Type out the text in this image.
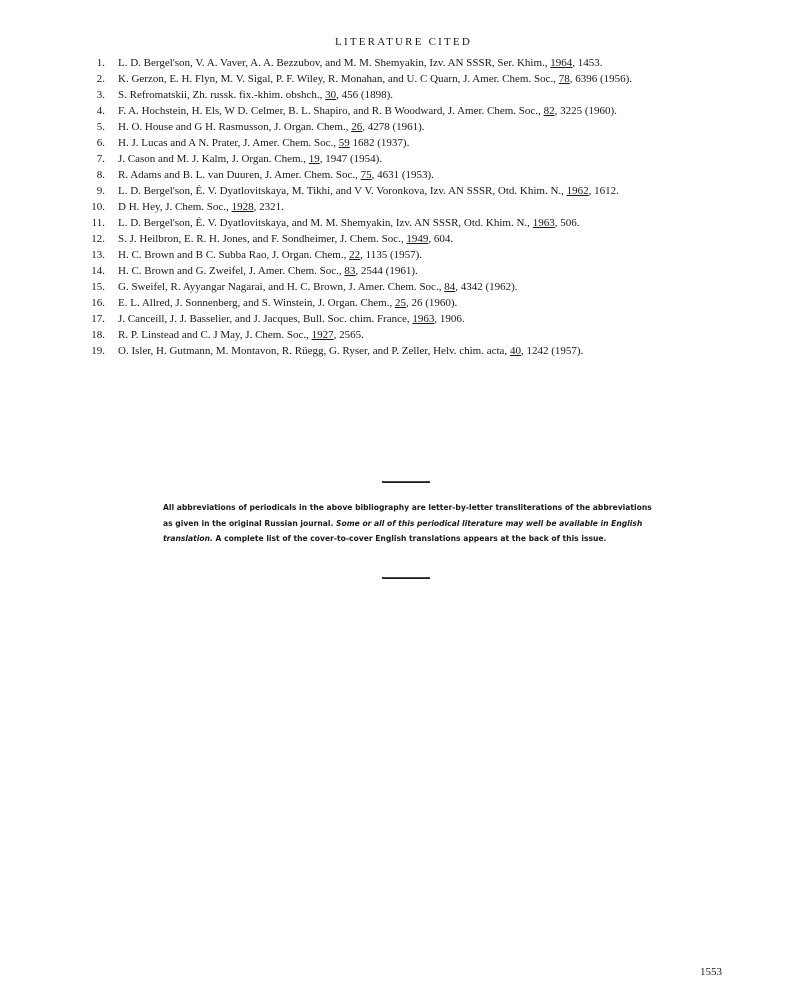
LITERATURE CITED
1. L. D. Bergel'son, V. A. Vaver, A. A. Bezzubov, and M. M. Shemyakin, Izv. AN SSSR, Ser. Khim., 1964, 1453.
2. K. Gerzon, E. H. Flyn, M. V. Sigal, P. F. Wiley, R. Monahan, and U. C Quarn, J. Amer. Chem. Soc., 78, 6396 (1956).
3. S. Refromatskii, Zh. russk. fix.-khim. obshch., 30, 456 (1898).
4. F. A. Hochstein, H. Els, W D. Celmer, B. L. Shapiro, and R. B Woodward, J. Amer. Chem. Soc., 82, 3225 (1960).
5. H. O. House and G H. Rasmusson, J. Organ. Chem., 26, 4278 (1961).
6. H. J. Lucas and A N. Prater, J. Amer. Chem. Soc., 59 1682 (1937).
7. J. Cason and M. J. Kalm, J. Organ. Chem., 19, 1947 (1954).
8. R. Adams and B. L. van Duuren, J. Amer. Chem. Soc., 75, 4631 (1953).
9. L. D. Bergel'son, É. V. Dyatlovitskaya, M. Tikhi, and V V. Voronkova, Izv. AN SSSR, Otd. Khim. N., 1962, 1612.
10. D H. Hey, J. Chem. Soc., 1928, 2321.
11. L. D. Bergel'son, É. V. Dyatlovitskaya, and M. M. Shemyakin, Izv. AN SSSR, Otd. Khim. N., 1963, 506.
12. S. J. Heilbron, E. R. H. Jones, and F. Sondheimer, J. Chem. Soc., 1949, 604.
13. H. C. Brown and B C. Subba Rao, J. Organ. Chem., 22, 1135 (1957).
14. H. C. Brown and G. Zweifel, J. Amer. Chem. Soc., 83, 2544 (1961).
15. G. Sweifel, R. Ayyangar Nagarai, and H. C. Brown, J. Amer. Chem. Soc., 84, 4342 (1962).
16. E. L. Allred, J. Sonnenberg, and S. Winstein, J. Organ. Chem., 25, 26 (1960).
17. J. Canceill, J. J. Basselier, and J. Jacques, Bull. Soc. chim. France, 1963, 1906.
18. R. P. Linstead and C. J May, J. Chem. Soc., 1927, 2565.
19. O. Isler, H. Gutmann, M. Montavon, R. Rüegg, G. Ryser, and P. Zeller, Helv. chim. acta, 40, 1242 (1957).
All abbreviations of periodicals in the above bibliography are letter-by-letter transliterations of the abbreviations as given in the original Russian journal. Some or all of this periodical literature may well be available in English translation. A complete list of the cover-to-cover English translations appears at the back of this issue.
1553
